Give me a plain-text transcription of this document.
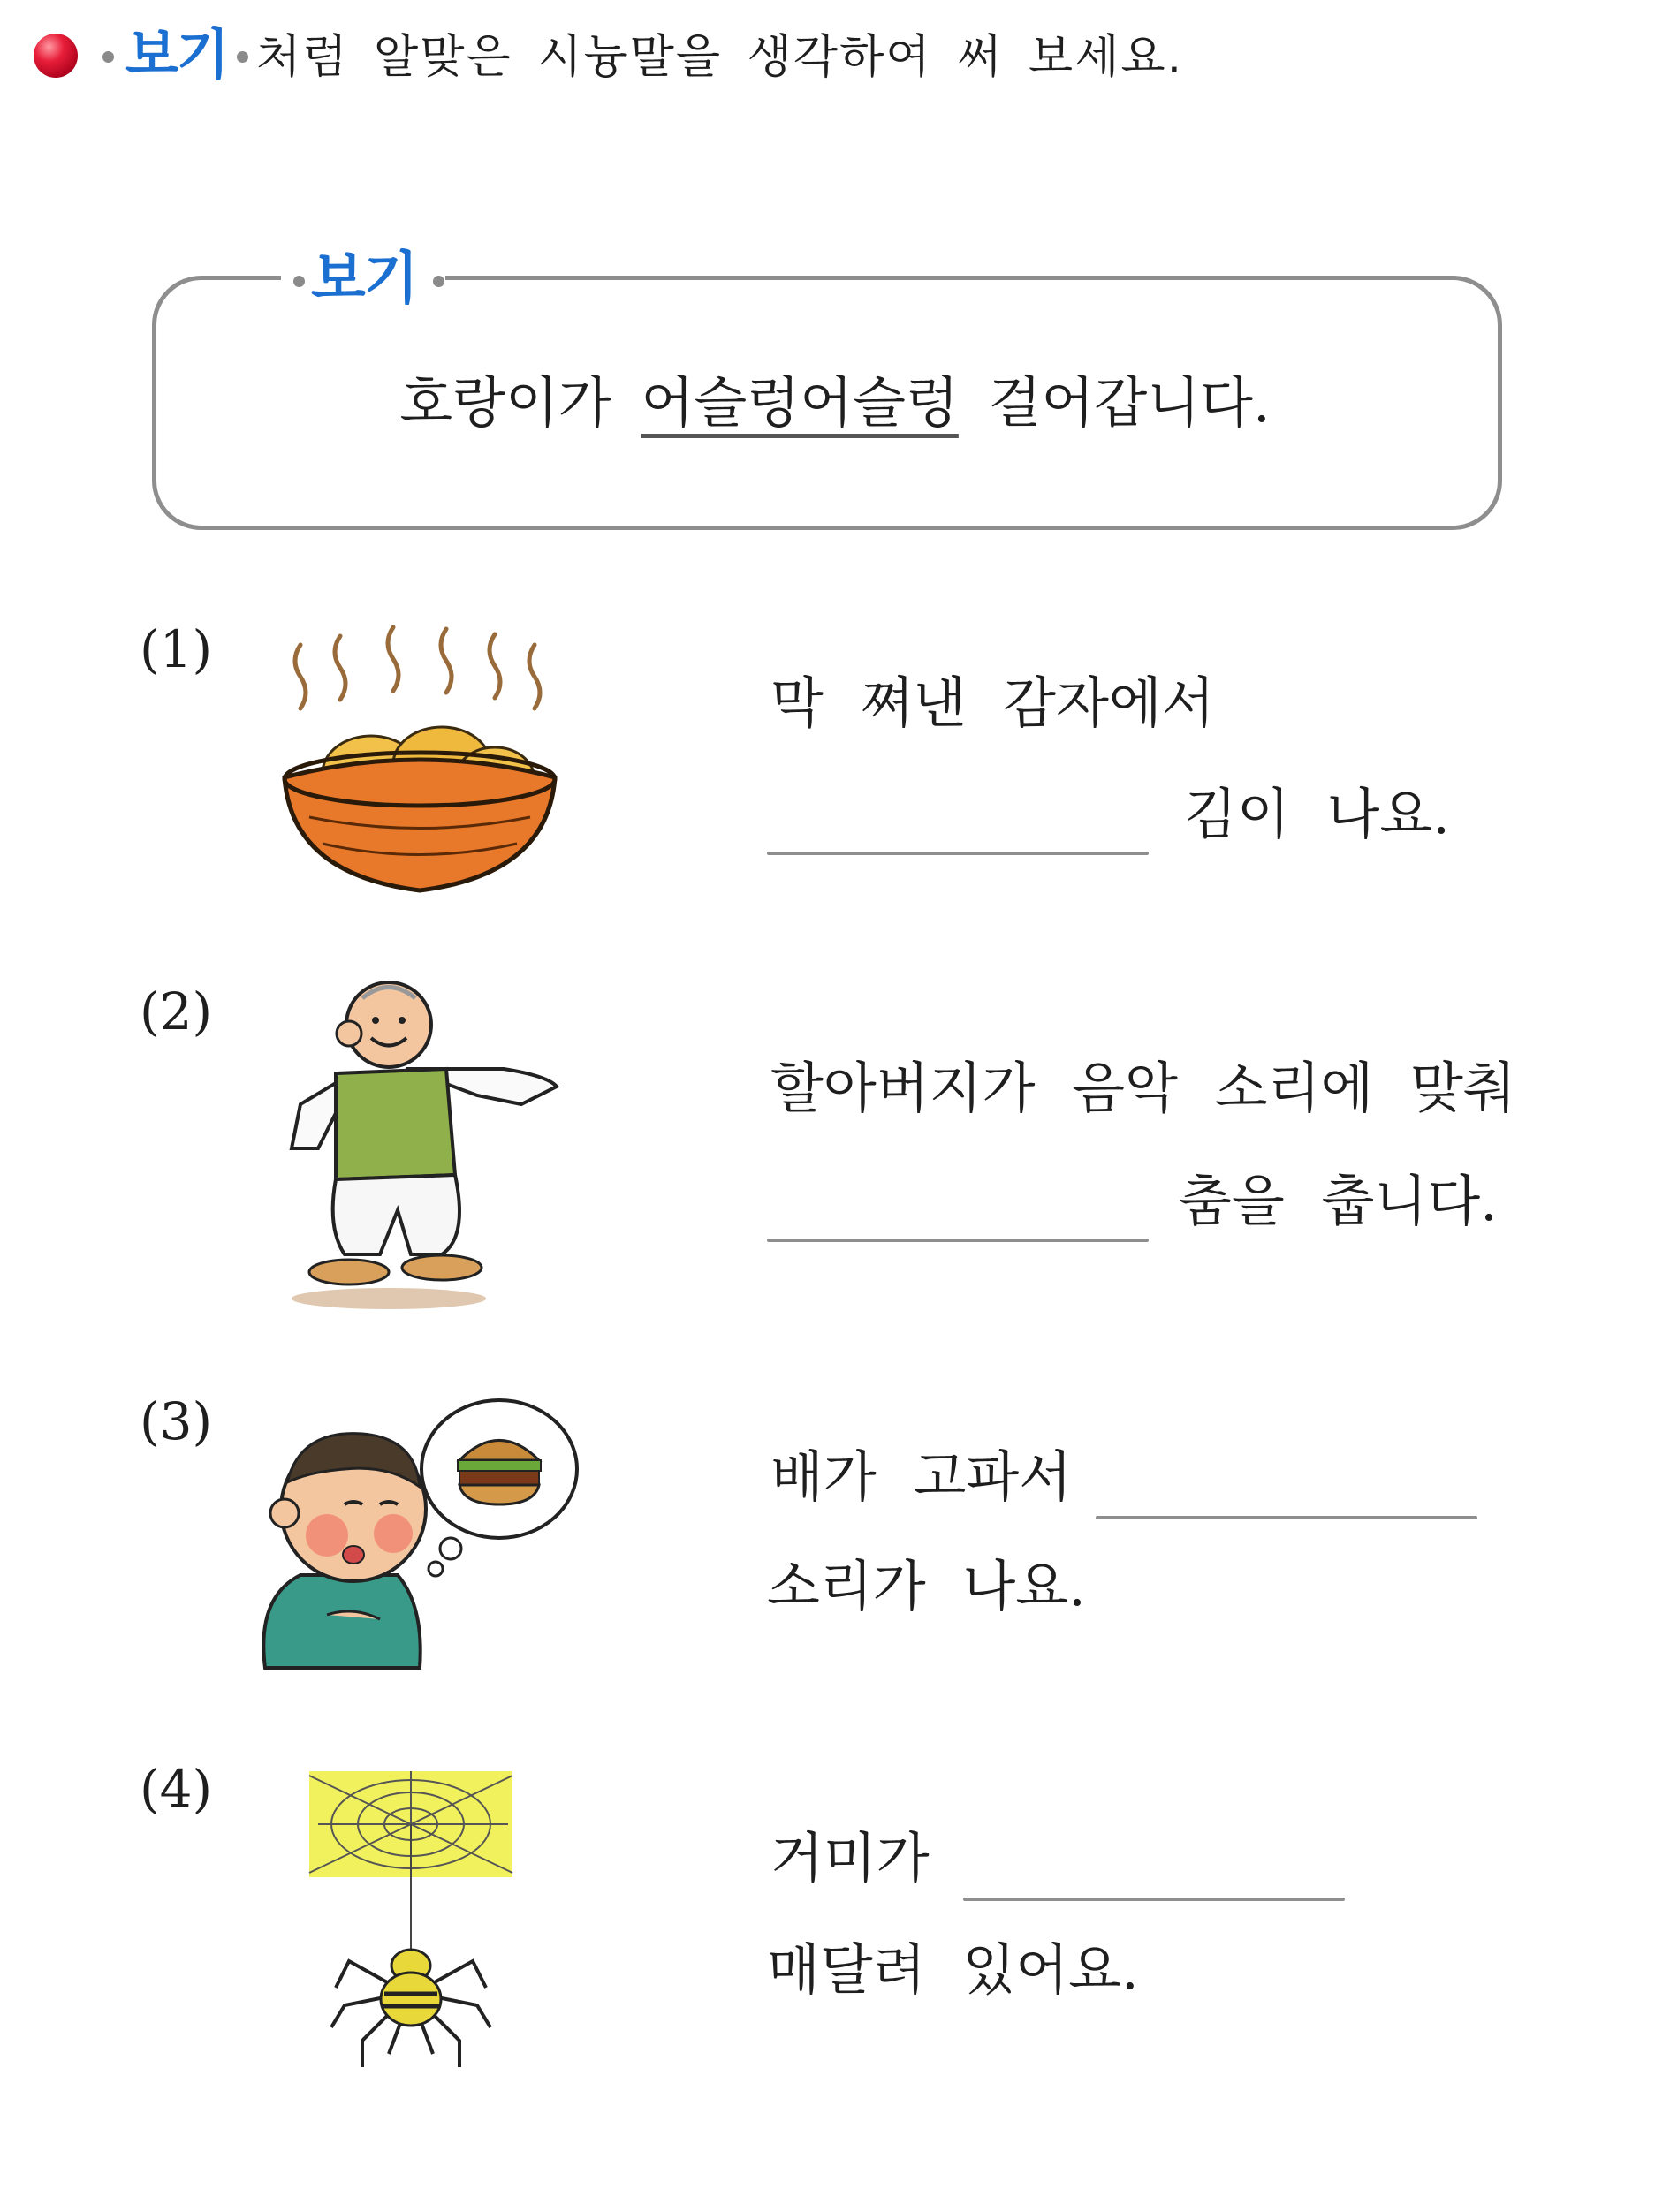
보기 처럼 알맞은 시늉말을 생각하여 써 보세요.
보기
호랑이가 어슬렁어슬렁 걸어갑니다.
(1)
막 쪄낸 감자에서
김이 나요.
(2)
할아버지가 음악 소리에 맞춰
춤을 춥니다.
(3)
배가 고파서
소리가 나요.
(4)
거미가
매달려 있어요.
